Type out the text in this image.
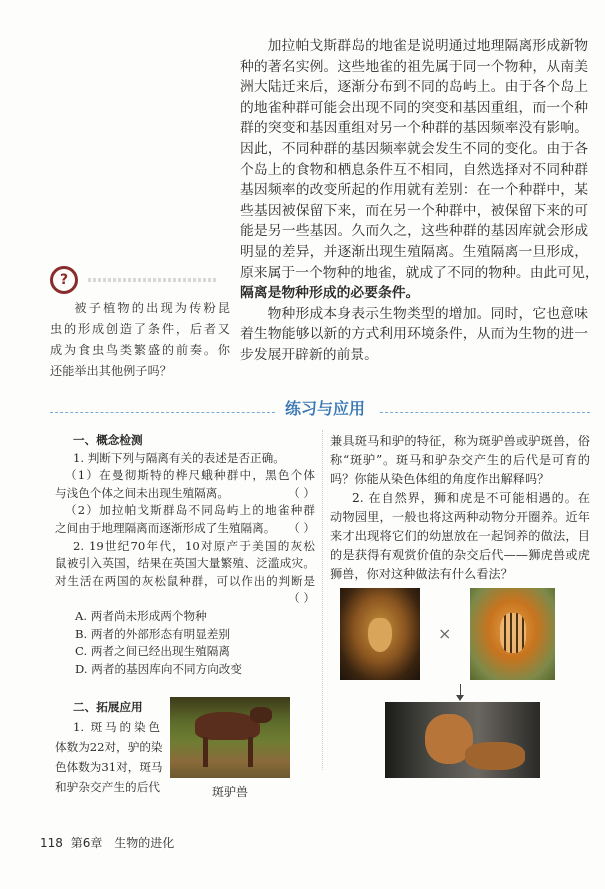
加拉帕戈斯群岛的地雀是说明通过地理隔离形成新物
种的著名实例。这些地雀的祖先属于同一个物种，从南美
洲大陆迁来后，逐渐分布到不同的岛屿上。由于各个岛上
的地雀种群可能会出现不同的突变和基因重组，而一个种
群的突变和基因重组对另一个种群的基因频率没有影响。
因此，不同种群的基因频率就会发生不同的变化。由于各
个岛上的食物和栖息条件互不相同，自然选择对不同种群
基因频率的改变所起的作用就有差别：在一个种群中，某
些基因被保留下来，而在另一个种群中，被保留下来的可
能是另一些基因。久而久之，这些种群的基因库就会形成
明显的差异，并逐渐出现生殖隔离。生殖隔离一旦形成，
原来属于一个物种的地雀，就成了不同的物种。由此可见，
隔离是物种形成的必要条件。
物种形成本身表示生物类型的增加。同时，它也意味
着生物能够以新的方式利用环境条件，从而为生物的进一
步发展开辟新的前景。
?
被子植物的出现为传粉昆
虫的形成创造了条件，后者又
成为食虫鸟类繁盛的前奏。你
还能举出其他例子吗？
练习与应用
一、概念检测
1. 判断下列与隔离有关的表述是否正确。
（1）在曼彻斯特的桦尺蛾种群中，黑色个体
与浅色个体之间未出现生殖隔离。	（ ）
（2）加拉帕戈斯群岛不同岛屿上的地雀种群
之间由于地理隔离而逐渐形成了生殖隔离。 （ ）
2. 19世纪70年代，10对原产于美国的灰松
鼠被引入英国，结果在英国大量繁殖、泛滥成灾。
对生活在两国的灰松鼠种群，可以作出的判断是
（ ）
A. 两者尚未形成两个物种
B. 两者的外部形态有明显差别
C. 两者之间已经出现生殖隔离
D. 两者的基因库向不同方向改变
二、拓展应用
1. 斑马的染色
体数为22对，驴的染
色体数为31对，斑马
和驴杂交产生的后代	斑驴兽
兼具斑马和驴的特征，称为斑驴兽或驴斑兽，俗
称“斑驴”。斑马和驴杂交产生的后代是可育的
吗？你能从染色体组的角度作出解释吗？
2. 在自然界，狮和虎是不可能相遇的。在
动物园里，一般也将这两种动物分开圈养。近年
来才出现将它们的幼崽放在一起饲养的做法，目
的是获得有观赏价值的杂交后代——狮虎兽或虎
狮兽，你对这种做法有什么看法？
×
118 第6章 生物的进化
